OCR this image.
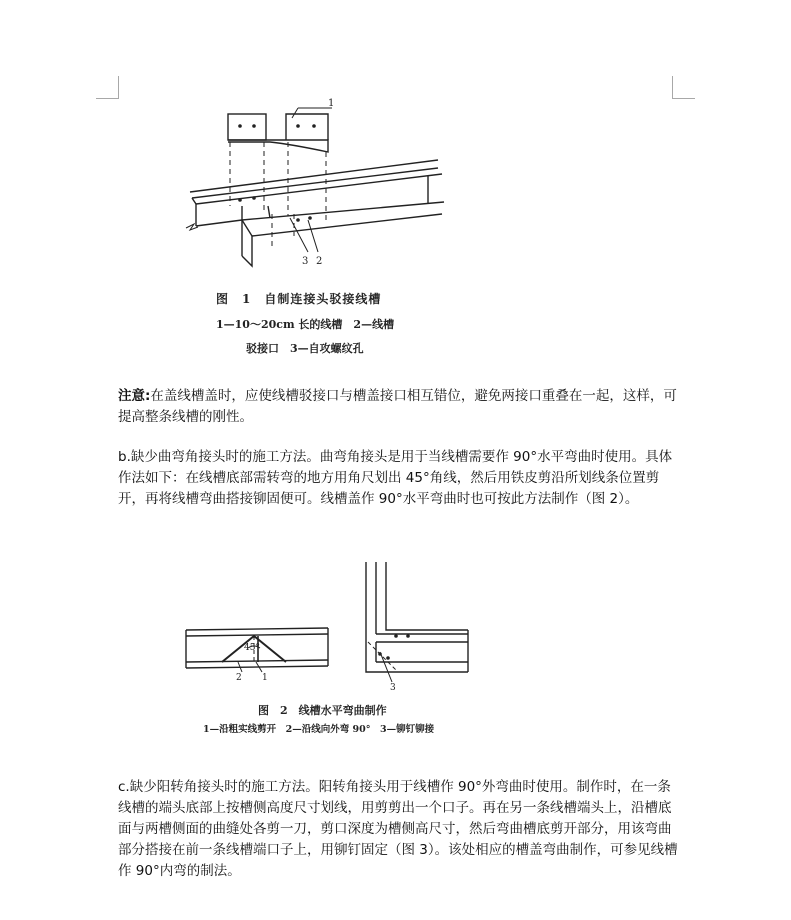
1
3 2
图　1　自制连接头驳接线槽
1—10～20cm 长的线槽　2—线槽
驳接口　3—自攻螺纹孔

注意:在盖线槽盖时，应使线槽驳接口与槽盖接口相互错位，避免两接口重叠在一起，这样，可提高整条线槽的刚性。

b.缺少曲弯角接头时的施工方法。曲弯角接头是用于当线槽需要作 90°水平弯曲时使用。具体作法如下：在线槽底部需转弯的地方用角尺划出 45°角线，然后用铁皮剪沿所划线条位置剪开，再将线槽弯曲搭接铆固便可。线槽盖作 90°水平弯曲时也可按此方法制作（图 2）。

45°
2 1
3
图　2　线槽水平弯曲制作
1—沿粗实线剪开　2—沿线向外弯 90°　3—铆钉铆接

c.缺少阳转角接头时的施工方法。阳转角接头用于线槽作 90°外弯曲时使用。制作时，在一条线槽的端头底部上按槽侧高度尺寸划线，用剪剪出一个口子。再在另一条线槽端头上，沿槽底面与两槽侧面的曲缝处各剪一刀，剪口深度为槽侧高尺寸，然后弯曲槽底剪开部分，用该弯曲部分搭接在前一条线槽端口子上，用铆钉固定（图 3）。该处相应的槽盖弯曲制作，可参见线槽作 90°内弯的制法。
